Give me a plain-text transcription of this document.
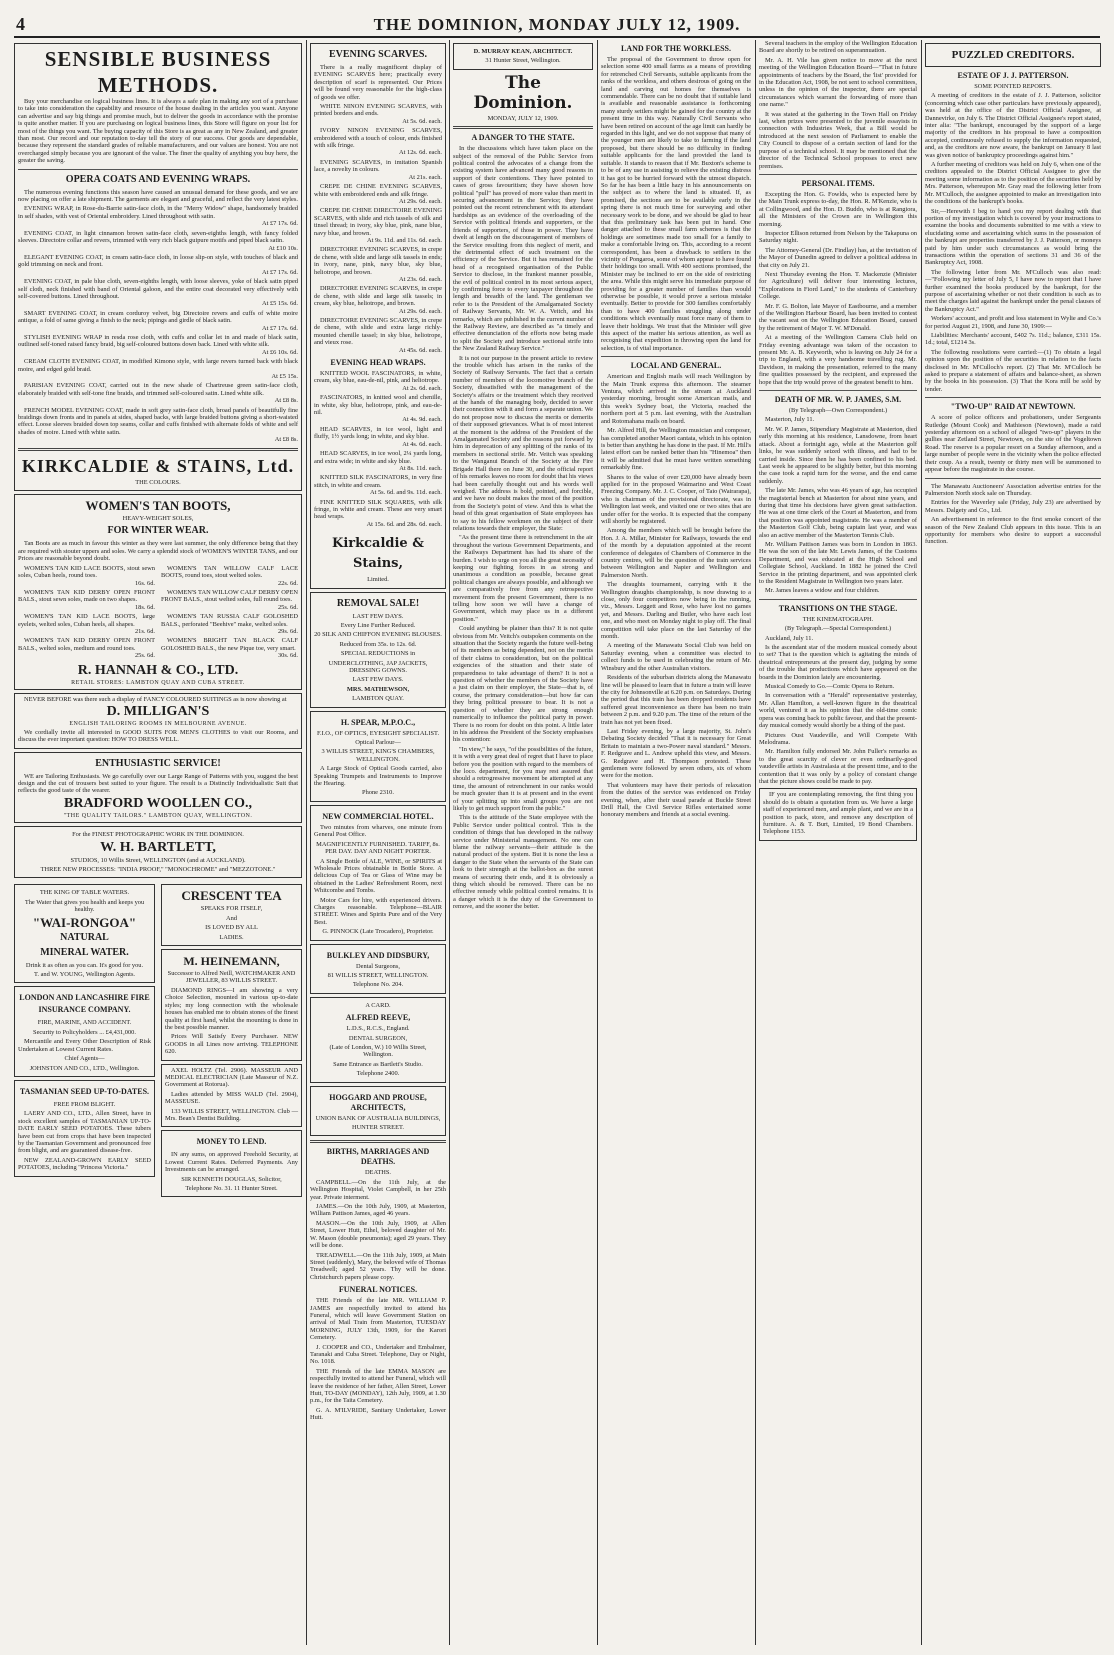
4	THE DOMINION, MONDAY JULY 12, 1909.
SENSIBLE BUSINESS METHODS.

Buy your merchandise on logical business lines. It is always a safe plan in making any sort of a purchase to take into consideration the capability and resource of the house dealing in the articles you want. Anyone can advertise and say big things and promise much, but to deliver the goods in accordance with the promise is quite another matter. If you are purchasing on logical business lines, this Store will figure on your list for most of the things you want. The buying capacity of this Store is as great as any in New Zealand, and greater than most. Our record and our reputation to-day tell the story of our success. Our goods are dependable, because they represent the standard grades of reliable manufacturers, and our values are honest. You are not overcharged simply because you are ignorant of the value. The finer the quality of anything you buy here, the greater the saving.

OPERA COATS AND EVENING WRAPS.

The numerous evening functions this season have caused an unusual demand for these goods, and we are now placing on offer a late shipment. The garments are elegant and graceful, and reflect the very latest styles.

EVENING WRAP, in Rose-du-Barrie satin-face cloth, in the "Merry Widow" shape, handsomely braided in self shades, with vest of Oriental embroidery. Lined throughout with satin.
At £7 17s. 6d.
EVENING COAT, in light cinnamon brown satin-face cloth, seven-eighths length, with fancy folded sleeves. Directoire collar and revers, trimmed with very rich black guipure motifs and piped black satin.
At £10 10s.
ELEGANT EVENING COAT, in cream satin-face cloth, in loose slip-on style, with touches of black and gold trimming on neck and front.
At £7 17s. 6d.
EVENING COAT, in pale blue cloth, seven-eighths length, with loose sleeves, yoke of black satin piped self cloth, neck finished with band of Oriental galoon, and the entire coat decorated very effectively with self-covered buttons. Lined throughout.
At £5 15s. 6d.
SMART EVENING COAT, in cream corduroy velvet, big Directoire revers and cuffs of white moire antique, a fold of same giving a finish to the neck; pipings and girdle of black satin.
At £7 17s. 6d.
STYLISH EVENING WRAP in resda rose cloth, with cuffs and collar let in and made of black satin, outlined self-toned raised fancy braid, big self-coloured buttons down back. Lined with white silk.
At £6 10s. 6d.
CREAM CLOTH EVENING COAT, in modified Kimono style, with large revers turned back with black moire, and edged gold braid.
At £5 15s.
PARISIAN EVENING COAT, carried out in the new shade of Chartreuse green satin-face cloth, elaborately braided with self-tone fine braids, and trimmed self-coloured satin. Lined white silk.
At £8 8s.
FRENCH MODEL EVENING COAT, made in soft grey satin-face cloth, broad panels of beautifully fine braidings down fronts and in panels at sides, shaped backs, with large braided buttons giving a short-waisted effect. Loose sleeves braided down top seams, collar and cuffs finished with alternate folds of white and self shades of moire. Lined with white satin.
At £8 8s.
KIRKCALDIE & STAINS, Ltd.
THE COLOURS.
WOMEN'S TAN BOOTS,
HEAVY-WEIGHT SOLES,
FOR WINTER WEAR.

Tan Boots are as much in favour this winter as they were last summer, the only difference being that they are required with stouter uppers and soles. We carry a splendid stock of WOMEN'S WINTER TANS, and our Prices are reasonable beyond doubt.

WOMEN'S TAN KID LACE BOOTS, stout sewn soles, Cuban heels, round toes.
16s. 6d.
WOMEN'S TAN KID DERBY OPEN FRONT BALS., stout sewn soles, made on two shapes.
18s. 6d.
WOMEN'S TAN KID LACE BOOTS, large eyelets, welted soles, Cuban heels, all shapes.
21s. 6d.
WOMEN'S TAN KID DERBY OPEN FRONT BALS., welted soles, medium and round toes.
25s. 6d.
WOMEN'S TAN WILLOW CALF LACE BOOTS, round toes, stout welted soles.
22s. 6d.
WOMEN'S TAN WILLOW CALF DERBY OPEN FRONT BALS., stout welted soles, full round toes.
25s. 6d.
WOMEN'S TAN RUSSIA CALF GOLOSHED BALS., perforated "Beehive" make, welted soles.
29s. 6d.
WOMEN'S BRIGHT TAN BLACK CALF GOLOSHED BALS., the new Pique toe, very smart.
30s. 6d.
R. HANNAH & CO., LTD.
RETAIL STORES: LAMBTON QUAY AND CUBA STREET.

NEVER BEFORE was there such a display of FANCY COLOURED SUITINGS as is now showing at

D. MILLIGAN'S
ENGLISH TAILORING ROOMS IN MELBOURNE AVENUE.

We cordially invite all interested in GOOD SUITS FOR MEN'S CLOTHES to visit our Rooms, and discuss the ever important question: HOW TO DRESS WELL.

ENTHUSIASTIC SERVICE!

WE are Tailoring Enthusiasts. We go carefully over our Large Range of Patterns with you, suggest the best design and the cut of trousers best suited to your figure. The result is a Distinctly Individualistic Suit that reflects the good taste of the wearer.

BRADFORD WOOLLEN CO.,
"THE QUALITY TAILORS." LAMBTON QUAY, WELLINGTON.
For the FINEST PHOTOGRAPHIC WORK IN THE DOMINION.
W. H. BARTLETT,
STUDIOS, 10 Willis Street, WELLINGTON (and at AUCKLAND).
THREE NEW PROCESSES: "INDIA PROOF," "MONOCHROME" and "MEZZOTONE."
THE KING OF TABLE WATERS.
The Water that gives you health and keeps you healthy.
"WAI-RONGOA"
NATURAL
MINERAL WATER.
Drink it as often as you can. It's good for you.
T. and W. YOUNG, Wellington Agents.
LONDON AND LANCASHIRE FIRE INSURANCE COMPANY.
FIRE, MARINE, AND ACCIDENT.
Security to Policyholders ... £4,431,000.

Mercantile and Every Other Description of Risk Undertaken at Lowest Current Rates.

Chief Agents—
JOHNSTON AND CO., LTD., Wellington.
TASMANIAN SEED UP-TO-DATES.
FREE FROM BLIGHT.

LAERY AND CO., LTD., Allen Street, have in stock excellent samples of TASMANIAN UP-TO-DATE EARLY SEED POTATOES. These tubers have been cut from crops that have been inspected by the Tasmanian Government and pronounced free from blight, and are guaranteed disease-free.

NEW ZEALAND-GROWN EARLY SEED POTATOES, including "Princess Victoria."

CRESCENT TEA
SPEAKS FOR ITSELF,
And
IS LOVED BY ALL
LADIES.
M. HEINEMANN,
Successor to Alfred Neill, WATCHMAKER AND JEWELLER, 83 WILLIS STREET.

DIAMOND RINGS—I am showing a very Choice Selection, mounted in various up-to-date styles; my long connection with the wholesale houses has enabled me to obtain stones of the finest quality at first hand, whilst the mounting is done in the best possible manner.

Prices Will Satisfy Every Purchaser. NEW GOODS in all Lines now arriving. TELEPHONE 620.

AXEL HOLTZ (Tel. 2906). MASSEUR AND MEDICAL ELECTRICIAN (Late Masseur of N.Z. Government at Rotorua).

Ladies attended by MISS WALD (Tel. 2904), MASSEUSE.

133 WILLIS STREET, WELLINGTON. Club — Mrs. Bean's Dentist Building.

MONEY TO LEND.

IN any sums, on approved Freehold Security, at Lowest Current Rates. Deferred Payments. Any Investments can be arranged.

SIR KENNETH DOUGLAS, Solicitor,
Telephone No. 31. 11 Hunter Street.
EVENING SCARVES.

There is a really magnificent display of EVENING SCARVES here; practically every description of scarf is represented. Our Prices will be found very reasonable for the high-class of goods we offer.

WHITE NINON EVENING SCARVES, with printed borders and ends.
At 5s. 6d. each.
IVORY NINON EVENING SCARVES, embroidered with a touch of colour, ends finished with silk fringe.
At 12s. 6d. each.
EVENING SCARVES, in imitation Spanish lace, a novelty in colours.
At 21s. each.
CREPE DE CHINE EVENING SCARVES, white with embroidered ends and silk fringe.
At 29s. 6d. each.
CREPE DE CHINE DIRECTOIRE EVENING SCARVES, with slide and rich tassels of silk and tinsel thread; in ivory, sky blue, pink, nane blue, navy blue, and brown.
At 9s. 11d. and 11s. 6d. each.
DIRECTOIRE EVENING SCARVES, in crepe de chene, with slide and large silk tassels in ends; in ivory, nane, pink, navy blue, sky blue, heliotrope, and brown.
At 23s. 6d. each.
DIRECTOIRE EVENING SCARVES, in crepe de chene, with slide and large silk tassels; in cream, sky blue, heliotrope, and brown.
At 29s. 6d. each.
DIRECTOIRE EVENING SCARVES, in crepe de chene, with slide and extra large richly-mounted chenille tassel; in sky blue, heliotrope, and vieux rose.
At 45s. 6d. each.
EVENING HEAD WRAPS.
KNITTED WOOL FASCINATORS, in white, cream, sky blue, eau-de-nil, pink, and heliotrope.
At 2s. 6d. each.
FASCINATORS, in knitted wool and chenille, in white, sky blue, heliotrope, pink, and eau-de-nil.
At 4s. 9d. each.
HEAD SCARVES, in ice wool, light and fluffy, 1½ yards long; in white, and sky blue.
At 4s. 6d. each.
HEAD SCARVES, in ice wool, 2¼ yards long, and extra wide; in white and sky blue.
At 8s. 11d. each.
KNITTED SILK FASCINATORS, in very fine stitch, in white and cream.
At 5s. 6d. and 9s. 11d. each.
FINE KNITTED SILK SQUARES, with silk fringe, in white and cream. These are very smart head wraps.
At 15s. 6d. and 28s. 6d. each.
Kirkcaldie & Stains,
Limited.
REMOVAL SALE!
LAST FEW DAYS.
Every Line Further Reduced.
20 SILK AND CHIFFON EVENING BLOUSES.
Reduced from 35s. to 12s. 6d.
SPECIAL REDUCTIONS in
UNDERCLOTHING, JAP JACKETS, DRESSING GOWNS.
LAST FEW DAYS.
MRS. MATHEWSON,
LAMBTON QUAY.
H. SPEAR, M.P.O.C.,
F.I.O., OF OPTICS, EYESIGHT SPECIALIST.
Optical Parlour—
3 WILLIS STREET, KING'S CHAMBERS, WELLINGTON.

A Large Stock of Optical Goods carried, also Speaking Trumpets and Instruments to Improve the Hearing.

Phone 2310.
NEW COMMERCIAL HOTEL.

Two minutes from wharves, one minute from General Post Office.

MAGNIFICENTLY FURNISHED. TARIFF, 8s. PER DAY. DAY AND NIGHT PORTER.

A Single Bottle of ALE, WINE, or SPIRITS at Wholesale Prices obtainable in Bottle Store. A delicious Cup of Tea or Glass of Wine may be obtained in the Ladies' Refreshment Room, next Whitcombe and Tombs.

Motor Cars for hire, with experienced drivers. Charges reasonable. Telephone—BLAIR STREET. Wines and Spirits Pure and of the Very Best.

G. PINNOCK (Late Trocadero), Proprietor.
BULKLEY AND DIDSBURY,
Dental Surgeons,
81 WILLIS STREET, WELLINGTON.
Telephone No. 204.
A CARD.
ALFRED REEVE,
L.D.S., R.C.S., England.
DENTAL SURGEON,
(Late of London, W.) 10 Willis Street, Wellington.
Same Entrance as Bartlett's Studio.
Telephone 2400.
HOGGARD AND PROUSE, ARCHITECTS,
UNION BANK OF AUSTRALIA BUILDINGS,
HUNTER STREET.
BIRTHS, MARRIAGES AND DEATHS.
DEATHS.

CAMPBELL.—On the 11th July, at the Wellington Hospital, Violet Campbell, in her 25th year. Private interment.

JAMES.—On the 10th July, 1909, at Masterton, William Pattison James, aged 46 years.

MASON.—On the 10th July, 1909, at Allen Street, Lower Hutt, Ethel, beloved daughter of Mr. W. Mason (double pneumonia); aged 29 years. They will be done.

TREADWELL.—On the 11th July, 1909, at Main Street (suddenly), Mary, the beloved wife of Thomas Treadwell; aged 52 years. Thy will be done. Christchurch papers please copy.

FUNERAL NOTICES.

THE Friends of the late MR. WILLIAM P. JAMES are respectfully invited to attend his Funeral, which will leave Government Station on arrival of Mail Train from Masterton, TUESDAY MORNING, JULY 13th, 1909, for the Karori Cemetery.

J. COOPER and CO., Undertaker and Embalmer, Taranaki and Cuba Street. Telephone, Day or Night, No. 1018.

THE Friends of the late EMMA MASON are respectfully invited to attend her Funeral, which will leave the residence of her father, Allen Street, Lower Hutt, TO-DAY (MONDAY), 12th July, 1909, at 1.30 p.m., for the Taita Cemetery.

G. A. M'ILVRIDE, Sanitary Undertaker, Lower Hutt.

D. MURRAY KEAN, ARCHITECT.
31 Hunter Street, Wellington.
The Dominion.
MONDAY, JULY 12, 1909.
A DANGER TO THE STATE.

In the discussions which have taken place on the subject of the removal of the Public Service from political control the advocates of a change from the existing system have advanced many good reasons in support of their contentions. They have pointed to cases of gross favouritism; they have shown how political "pull" has proved of more value than merit in securing advancement in the Service; they have pointed out the recent retrenchment with its attendant hardships as an evidence of the overloading of the Service with political friends and supporters, or the friends of supporters, of those in power. They have dwelt at length on the discouragement of members of the Service resulting from this neglect of merit, and the detrimental effect of such treatment on the efficiency of the Service. But it has remained for the head of a recognised organisation of the Public Service to disclose, in the frankest manner possible, the evil of political control in its most serious aspect, by confirming force to every taxpayer throughout the length and breadth of the land. The gentleman we refer to is the President of the Amalgamated Society of Railway Servants, Mr. W. A. Veitch, and his remarks, which are published in the current number of the Railway Review, are described as "a timely and effective denunciation of the efforts now being made to split the Society and introduce sectional strife into the New Zealand Railway Service."

It is not our purpose in the present article to review the trouble which has arisen in the ranks of the Society of Railway Servants. The fact that a certain number of members of the locomotive branch of the Society, dissatisfied with the management of the Society's affairs or the treatment which they received at the hands of the managing body, decided to sever their connection with it and form a separate union. We do not propose now to discuss the merits or demerits of their supposed grievances. What is of most interest at the moment is the address of the President of the Amalgamated Society and the reasons put forward by him in deprecation of any splitting of the ranks of its members in sectional strife. Mr. Veitch was speaking to the Wanganui Branch of the Society at the Fire Brigade Hall there on June 30, and the official report of his remarks leaves no room for doubt that his views had been carefully thought out and his words well weighed. The address is bold, pointed, and forcible, and we have no doubt makes the most of the position from the Society's point of view. And this is what the head of this great organisation of State employees has to say to his fellow workmen on the subject of their relations towards their employer, the State:

"As the present time there is retrenchment in the air throughout the various Government Departments, and the Railways Department has had its share of the burden. I wish to urge on you all the great necessity of keeping our fighting forces in as strong and unanimous a condition as possible, because great political changes are always possible, and although we are comparatively free from any retrospective movement from the present Government, there is no telling how soon we will have a change of Government, which may place us in a different position."

Could anything be plainer than this? It is not quite obvious from Mr. Veitch's outspoken comments on the situation that the Society regards the future well-being of its members as being dependent, not on the merits of their claims to consideration, but on the political exigencies of the situation and their state of preparedness to take advantage of them? It is not a question of whether the members of the Society have a just claim on their employer, the State—that is, of course, the primary consideration—but how far can they bring political pressure to bear. It is not a question of whether they are strong enough numerically to influence the political party in power. There is no room for doubt on this point. A little later in his address the President of the Society emphasises his contention:

"In view," he says, "of the possibilities of the future, it is with a very great deal of regret that I have to place before you the position with regard to the members of the loco. department, for you may rest assured that should a retrogressive movement be attempted at any time, the amount of retrenchment in our ranks would be much greater than it is at present and in the event of your splitting up into small groups you are not likely to get much support from the public."

This is the attitude of the State employee with the Public Service under political control. This is the condition of things that has developed in the railway service under Ministerial management. No one can blame the railway servants—their attitude is the natural product of the system. But it is none the less a danger to the State when the servants of the State can look to their strength at the ballot-box as the surest means of securing their ends, and it is obviously a thing which should be removed. There can be no effective remedy while political control remains. It is a danger which it is the duty of the Government to remove, and the sooner the better.

LAND FOR THE WORKLESS.

The proposal of the Government to throw open for selection some 400 small farms as a means of providing for retrenched Civil Servants, suitable applicants from the ranks of the workless, and others desirous of going on the land and carving out homes for themselves is commendable. There can be no doubt that if suitable land is available and reasonable assistance is forthcoming many sturdy settlers might be gained for the country at the present time in this way. Naturally Civil Servants who have been retired on account of the age limit can hardly be regarded in this light, and we do not suppose that many of the younger men are likely to take to farming if the land proposed, but there should be no difficulty in finding suitable applicants for the land provided the land is suitable. It stands to reason that if Mr. Buxton's scheme is to be of any use in assisting to relieve the existing distress it has got to be hurried forward with the utmost dispatch. So far he has been a little hazy in his announcements on the subject as to where the land is situated. If, as promised, the sections are to be available early in the spring there is not much time for surveying and other necessary work to be done, and we should be glad to hear that this preliminary task has been put in hand. One danger attached to these small farm schemes is that the holdings are sometimes made too small for a family to make a comfortable living on. This, according to a recent correspondent, has been a drawback to settlers in the vicinity of Pongaroa, some of whom appear to have found their holdings too small. With 400 sections promised, the Minister may be inclined to err on the side of restricting the area. While this might serve his immediate purpose of providing for a greater number of families than would otherwise be possible, it would prove a serious mistake eventually. Better to provide for 300 families comfortably than to have 400 families struggling along under conditions which eventually must force many of them to leave their holdings. We trust that the Minister will give this aspect of the matter his serious attention, as well as recognising that expedition in throwing open the land for selection, is of vital importance.

LOCAL AND GENERAL.

American and English mails will reach Wellington by the Main Trunk express this afternoon. The steamer Ventura, which arrived in the stream at Auckland yesterday morning, brought some American mails, and this week's Sydney boat, the Victoria, reached the northern port at 5 p.m. last evening, with the Australian and Rotomahana mails on board.

Mr. Alfred Hill, the Wellington musician and composer, has completed another Maori cantata, which in his opinion is better than anything he has done in the past. If Mr. Hill's latest effort can be ranked better than his "Hinemoa" then it will be admitted that he must have written something remarkably fine.

Shares to the value of over £20,000 have already been applied for in the proposed Waimarino and West Coast Freezing Company. Mr. J. C. Cooper, of Taio (Wairarapa), who is chairman of the provisional directorate, was in Wellington last week, and visited one or two sites that are under offer for the works. It is expected that the company will shortly be registered.

Among the members which will be brought before the Hon. J. A. Millar, Minister for Railways, towards the end of the month by a deputation appointed at the recent conference of delegates of Chambers of Commerce in the country centres, will be the question of the train services between Wellington and Napier and Wellington and Palmerston North.

The draughts tournament, carrying with it the Wellington draughts championship, is now drawing to a close, only four competitors now being in the running, viz., Messrs. Leggett and Rose, who have lost no games yet, and Messrs. Darling and Butler, who have each lost one, and who meet on Monday night to play off. The final competition will take place on the last Saturday of the month.

A meeting of the Manawatu Social Club was held on Saturday evening, when a committee was elected to collect funds to be used in celebrating the return of Mr. Winsbury and the other Australian visitors.

Residents of the suburban districts along the Manawatu line will be pleased to learn that in future a train will leave the city for Johnsonville at 6.20 p.m. on Saturdays. During the period that this train has been dropped residents have suffered great inconvenience as there has been no train between 2 p.m. and 9.20 p.m. The time of the return of the train has not yet been fixed.

Last Friday evening, by a large majority, St. John's Debating Society decided "That it is necessary for Great Britain to maintain a two-Power naval standard." Messrs. F. Redgrave and L. Andrew upheld this view, and Messrs. G. Redgrave and H. Thompson protested. These gentlemen were followed by seven others, six of whom were for the motion.

That volunteers may have their periods of relaxation from the duties of the service was evidenced on Friday evening, when, after their usual parade at Buckle Street Drill Hall, the Civil Service Rifles entertained some honorary members and friends at a social evening.

Several teachers in the employ of the Wellington Education Board are shortly to be retired on superannuation.

Mr. A. H. Vile has given notice to move at the next meeting of the Wellington Education Board—"That in future appointments of teachers by the Board, the 'list' provided for in the Education Act, 1908, be not sent to school committees, unless in the opinion of the inspector, there are special circumstances which warrant the forwarding of more than one name."

It was stated at the gathering in the Town Hall on Friday last, when prizes were presented to the juvenile essayists in connection with Industries Week, that a Bill would be introduced at the next session of Parliament to enable the City Council to dispose of a certain section of land for the purpose of a technical school. It may be mentioned that the director of the Technical School proposes to erect new premises.

PERSONAL ITEMS.

Excepting the Hon. G. Fowlds, who is expected here by the Main Trunk express to-day, the Hon. R. M'Kenzie, who is at Collingwood, and the Hon. D. Buddo, who is at Rangiora, all the Ministers of the Crown are in Wellington this morning.

Inspector Ellison returned from Nelson by the Takapuna on Saturday night.

The Attorney-General (Dr. Findlay) has, at the invitation of the Mayor of Dunedin agreed to deliver a political address in that city on July 21.

Next Thursday evening the Hon. T. Mackenzie (Minister for Agriculture) will deliver four interesting lectures, "Explorations in Fiord Land," to the students of Canterbury College.

Mr. F. G. Bolton, late Mayor of Eastbourne, and a member of the Wellington Harbour Board, has been invited to contest the vacant seat on the Wellington Education Board, caused by the retirement of Major T. W. M'Donald.

At a meeting of the Wellington Camera Club held on Friday evening advantage was taken of the occasion to present Mr. A. B. Keyworth, who is leaving on July 24 for a trip to England, with a very handsome travelling rug. Mr. Davidson, in making the presentation, referred to the many fine qualities possessed by the recipient, and expressed the hope that the trip would prove of the greatest benefit to him.

DEATH OF MR. W. P. JAMES, S.M.
(By Telegraph—Own Correspondent.)

Masterton, July 11.

Mr. W. P. James, Stipendiary Magistrate at Masterton, died early this morning at his residence, Lansdowne, from heart attack. About a fortnight ago, while at the Masterton golf links, he was suddenly seized with illness, and had to be carried inside. Since then he has been confined to his bed. Last week he appeared to be slightly better, but this morning the case took a rapid turn for the worse, and the end came suddenly.

The late Mr. James, who was 46 years of age, has occupied the magisterial bench at Masterton for about nine years, and during that time his decisions have given great satisfaction. He was at one time clerk of the Court at Masterton, and from that position was appointed magistrate. He was a member of the Masterton Golf Club, being captain last year, and was also an active member of the Masterton Tennis Club.

Mr. William Pattison James was born in London in 1863. He was the son of the late Mr. Lewis James, of the Customs Department, and was educated at the High School and Collegiate School, Auckland. In 1882 he joined the Civil Service in the printing department, and was appointed clerk to the Resident Magistrate in Wellington two years later.

Mr. James leaves a widow and four children.

TRANSITIONS ON THE STAGE.
THE KINEMATOGRAPH.
(By Telegraph.—Special Correspondent.)

Auckland, July 11.

Is the ascendant star of the modern musical comedy about to set? That is the question which is agitating the minds of theatrical entrepreneurs at the present day, judging by some of the trouble that productions which have appeared on the boards in the Dominion lately are encountering.

Musical Comedy to Go.—Comic Opera to Return.

In conversation with a "Herald" representative yesterday, Mr. Allan Hamilton, a well-known figure in the theatrical world, ventured it as his opinion that the old-time comic opera was coming back to public favour, and that the present-day musical comedy would shortly be a thing of the past.

Pictures Oust Vaudeville, and Will Compete With Melodrama.

Mr. Hamilton fully endorsed Mr. John Fuller's remarks as to the great scarcity of clever or even ordinarily-good vaudeville artists in Australasia at the present time, and to the contention that it was only by a policy of constant change that the picture shows could be made to pay.

IF you are contemplating removing, the first thing you should do is obtain a quotation from us. We have a large staff of experienced men, and ample plant, and we are in a position to pack, store, and remove any description of furniture. A. & T. Burt, Limited, 19 Bond Chambers. Telephone 1153.

PUZZLED CREDITORS.
ESTATE OF J. J. PATTERSON.
SOME POINTED REPORTS.

A meeting of creditors in the estate of J. J. Patterson, solicitor (concerning which case other particulars have previously appeared), was held at the office of the District Official Assignee, at Dannevirke, on July 6. The District Official Assignee's report stated, inter alia: "The bankrupt, encouraged by the support of a large majority of the creditors in his proposal to have a composition accepted, continuously refused to supply the information requested, and, as the creditors are now aware, the bankrupt on January 8 last was given notice of bankruptcy proceedings against him."

A further meeting of creditors was held on July 6, when one of the creditors appealed to the District Official Assignee to give the meeting some information as to the position of the securities held by Mrs. Patterson, whereupon Mr. Gray read the following letter from Mr. M'Culloch, the assignee appointed to make an investigation into the conditions of the bankrupt's books.

Sir,—Herewith I beg to hand you my report dealing with that portion of my investigation which is covered by your instructions to examine the books and documents submitted to me with a view to elucidating some and ascertaining which sums in the possession of the bankrupt are properties transferred by J. J. Patterson, or moneys paid by him under such circumstances as would bring the transactions within the operation of sections 31 and 36 of the Bankruptcy Act, 1908.

The following letter from Mr. M'Culloch was also read:—"Following my letter of July 5, I have now to report that I have further examined the books produced by the bankrupt, for the purpose of ascertaining whether or not their condition is such as to meet the charges laid against the bankrupt under the penal clauses of the Bankruptcy Act."

Workers' account, and profit and loss statement in Wylie and Co.'s for period August 21, 1908, and June 30, 1909:—

Liabilities: Merchants' account, £402 7s. 11d.; balance, £311 15s. 1d.; total, £1214 3s.

The following resolutions were carried:—(1) To obtain a legal opinion upon the position of the securities in relation to the facts disclosed in Mr. M'Culloch's report. (2) That Mr. M'Culloch be asked to prepare a statement of affairs and balance-sheet, as shown by the books in his possession. (3) That the Kora mill be sold by tender.

"TWO-UP" RAID AT NEWTOWN.

A score of police officers and probationers, under Sergeants Rutledge (Mount Cook) and Mathieson (Newtown), made a raid yesterday afternoon on a school of alleged "two-up" players in the gullies near Zetland Street, Newtown, on the site of the Vogeltown Road. The reserve is a popular resort on a Sunday afternoon, and a large number of people were in the vicinity when the police effected their coup. As a result, twenty or thirty men will be summoned to appear before the magistrate in due course.

The Manawatu Auctioneers' Association advertise entries for the Palmerston North stock sale on Thursday.

Entries for the Waverley sale (Friday, July 23) are advertised by Messrs. Dalgety and Co., Ltd.

An advertisement in reference to the first smoke concert of the season of the New Zealand Club appears in this issue. This is an opportunity for members who desire to support a successful function.
